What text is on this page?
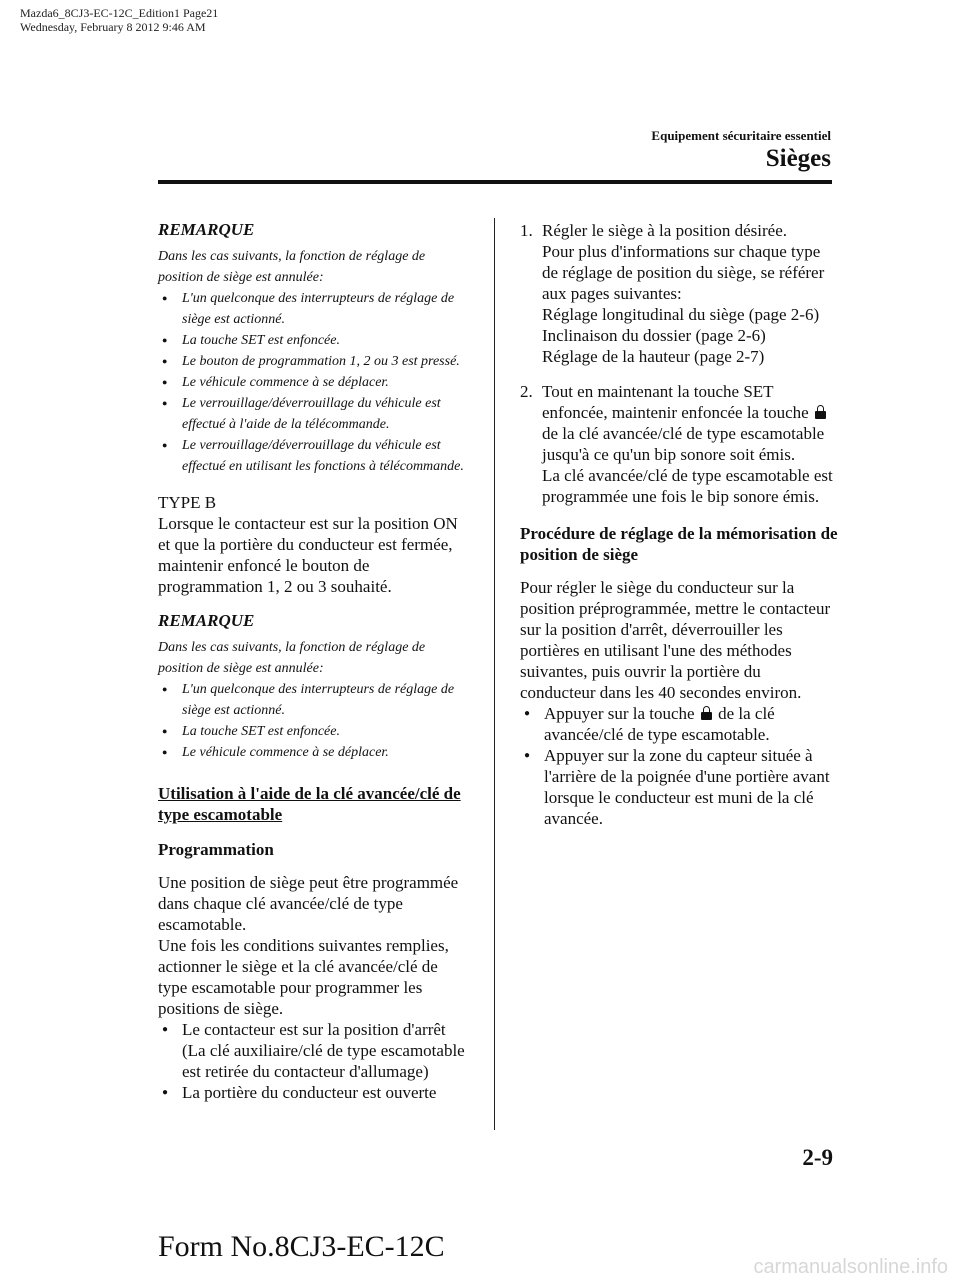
Mazda6_8CJ3-EC-12C_Edition1 Page21
Wednesday, February 8 2012 9:46 AM
Equipement sécuritaire essentiel
Sièges
REMARQUE

Dans les cas suivants, la fonction de réglage de position de siège est annulée:

● L'un quelconque des interrupteurs de réglage de siège est actionné.
● La touche SET est enfoncée.
● Le bouton de programmation 1, 2 ou 3 est pressé.
● Le véhicule commence à se déplacer.
● Le verrouillage/déverrouillage du véhicule est effectué à l'aide de la télécommande.
● Le verrouillage/déverrouillage du véhicule est effectué en utilisant les fonctions à télécommande.
TYPE B

Lorsque le contacteur est sur la position ON et que la portière du conducteur est fermée, maintenir enfoncé le bouton de programmation 1, 2 ou 3 souhaité.

REMARQUE

Dans les cas suivants, la fonction de réglage de position de siège est annulée:

● L'un quelconque des interrupteurs de réglage de siège est actionné.
● La touche SET est enfoncée.
● Le véhicule commence à se déplacer.
Utilisation à l'aide de la clé avancée/clé de type escamotable
Programmation

Une position de siège peut être programmée dans chaque clé avancée/clé de type escamotable.

Une fois les conditions suivantes remplies, actionner le siège et la clé avancée/clé de type escamotable pour programmer les positions de siège.

● Le contacteur est sur la position d'arrêt (La clé auxiliaire/clé de type escamotable est retirée du contacteur d'allumage)
● La portière du conducteur est ouverte
1. Régler le siège à la position désirée.
Pour plus d'informations sur chaque type de réglage de position du siège, se référer aux pages suivantes:
Réglage longitudinal du siège (page 2-6)
Inclinaison du dossier (page 2-6)
Réglage de la hauteur (page 2-7)
2. Tout en maintenant la touche SET enfoncée, maintenir enfoncée la touche  de la clé avancée/clé de type escamotable jusqu'à ce qu'un bip sonore soit émis.
La clé avancée/clé de type escamotable est programmée une fois le bip sonore émis.
Procédure de réglage de la mémorisation de position de siège

Pour régler le siège du conducteur sur la position préprogrammée, mettre le contacteur sur la position d'arrêt, déverrouiller les portières en utilisant l'une des méthodes suivantes, puis ouvrir la portière du conducteur dans les 40 secondes environ.

● Appuyer sur la touche de la clé avancée/clé de type escamotable.
● Appuyer sur la zone du capteur située à l'arrière de la poignée d'une portière avant lorsque le conducteur est muni de la clé avancée.
2-9
Form No.8CJ3-EC-12C
carmanualsonline.info
